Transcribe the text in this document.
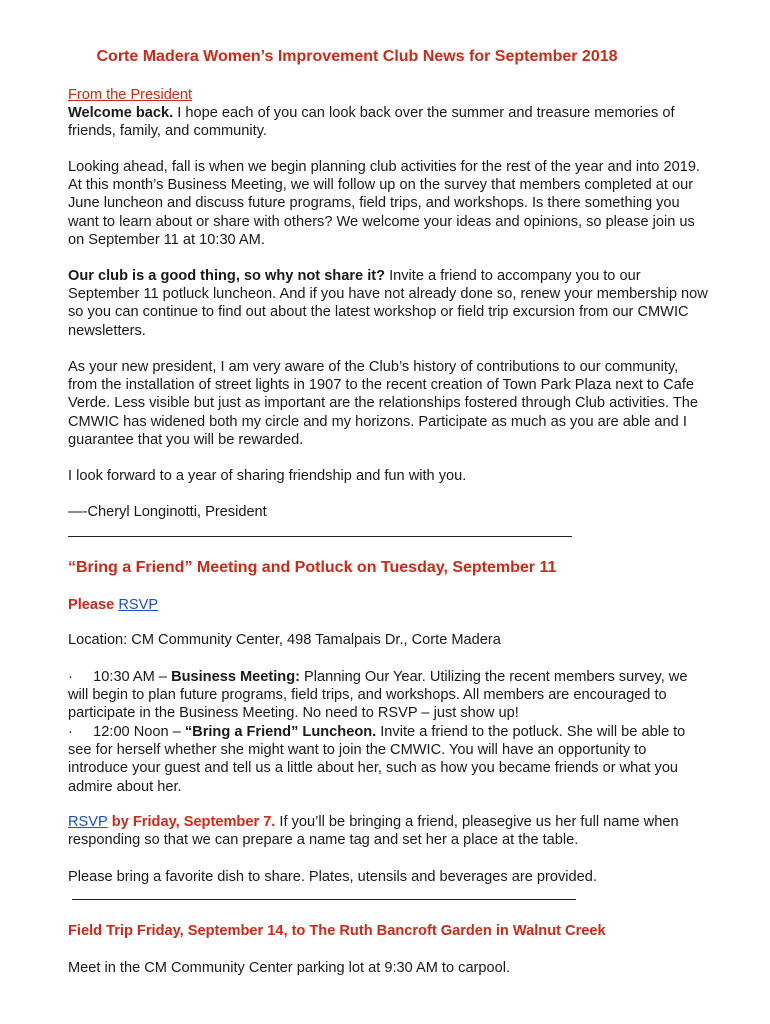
Corte Madera Women’s Improvement Club News for September 2018
From the President

Welcome back. I hope each of you can look back over the summer and treasure memories of friends, family, and community.

Looking ahead, fall is when we begin planning club activities for the rest of the year and into 2019. At this month’s Business Meeting, we will follow up on the survey that members completed at our June luncheon and discuss future programs, field trips, and workshops. Is there something you want to learn about or share with others? We welcome your ideas and opinions, so please join us on September 11 at 10:30 AM.

Our club is a good thing, so why not share it? Invite a friend to accompany you to our September 11 potluck luncheon. And if you have not already done so, renew your membership now so you can continue to find out about the latest workshop or field trip excursion from our CMWIC newsletters.

As your new president, I am very aware of the Club’s history of contributions to our community, from the installation of street lights in 1907 to the recent creation of Town Park Plaza next to Cafe Verde. Less visible but just as important are the relationships fostered through Club activities. The CMWIC has widened both my circle and my horizons. Participate as much as you are able and I guarantee that you will be rewarded.

I look forward to a year of sharing friendship and fun with you.

—-Cheryl Longinotti, President

“Bring a Friend” Meeting and Potluck on Tuesday, September 11

Please RSVP

Location: CM Community Center, 498 Tamalpais Dr., Corte Madera

· 10:30 AM – Business Meeting: Planning Our Year. Utilizing the recent members survey, we will begin to plan future programs, field trips, and workshops. All members are encouraged to participate in the Business Meeting. No need to RSVP – just show up!

· 12:00 Noon – “Bring a Friend” Luncheon. Invite a friend to the potluck. She will be able to see for herself whether she might want to join the CMWIC. You will have an opportunity to introduce your guest and tell us a little about her, such as how you became friends or what you admire about her.

RSVP by Friday, September 7. If you’ll be bringing a friend, pleasegive us her full name when responding so that we can prepare a name tag and set her a place at the table.

Please bring a favorite dish to share. Plates, utensils and beverages are provided.

Field Trip Friday, September 14, to The Ruth Bancroft Garden in Walnut Creek

Meet in the CM Community Center parking lot at 9:30 AM to carpool.
